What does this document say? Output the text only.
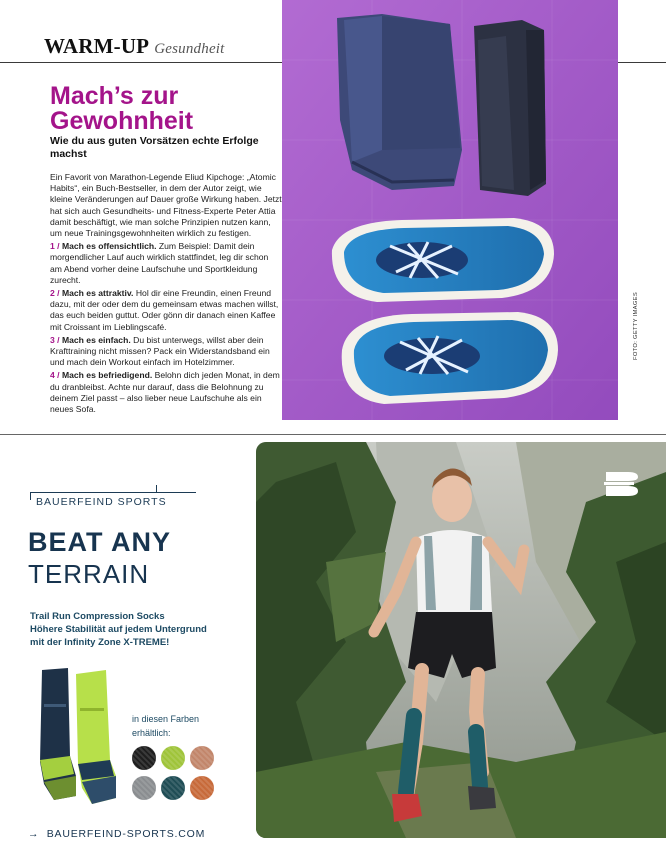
WARM-UP Gesundheit
Mach’s zur Gewohnheit
Wie du aus guten Vorsätzen echte Erfolge machst

Ein Favorit von Marathon-Legende Eliud Kipchoge: „Atomic Habits“, ein Buch-Bestseller, in dem der Autor zeigt, wie kleine Veränderungen auf Dauer große Wirkung haben. Jetzt hat sich auch Gesundheits- und Fitness-Experte Peter Attia damit beschäftigt, wie man solche Prinzipien nutzen kann, um neue Trainingsgewohnheiten wirklich zu festigen.

1 / Mach es offensichtlich. Zum Beispiel: Damit dein morgendlicher Lauf auch wirklich stattfindet, leg dir schon am Abend vorher deine Laufschuhe und Sportkleidung zurecht.

2 / Mach es attraktiv. Hol dir eine Freundin, einen Freund dazu, mit der oder dem du gemeinsam etwas machen willst, das euch beiden guttut. Oder gönn dir danach einen Kaffee mit Croissant im Lieblingscafé.

3 / Mach es einfach. Du bist unterwegs, willst aber dein Krafttraining nicht missen? Pack ein Widerstandsband ein und mach dein Workout einfach im Hotelzimmer.

4 / Mach es befriedigend. Belohn dich jeden Monat, in dem du dranbleibst. Achte nur darauf, dass die Belohnung zu deinem Ziel passt – also lieber neue Laufschuhe als ein neues Sofa.

FOTO: GETTY IMAGES
BAUERFEIND SPORTS
BEAT ANY
TERRAIN
Trail Run Compression Socks
Höhere Stabilität auf jedem Untergrund
mit der Infinity Zone X-TREME!
in diesen Farben
erhältlich:
→ BAUERFEIND-SPORTS.COM
